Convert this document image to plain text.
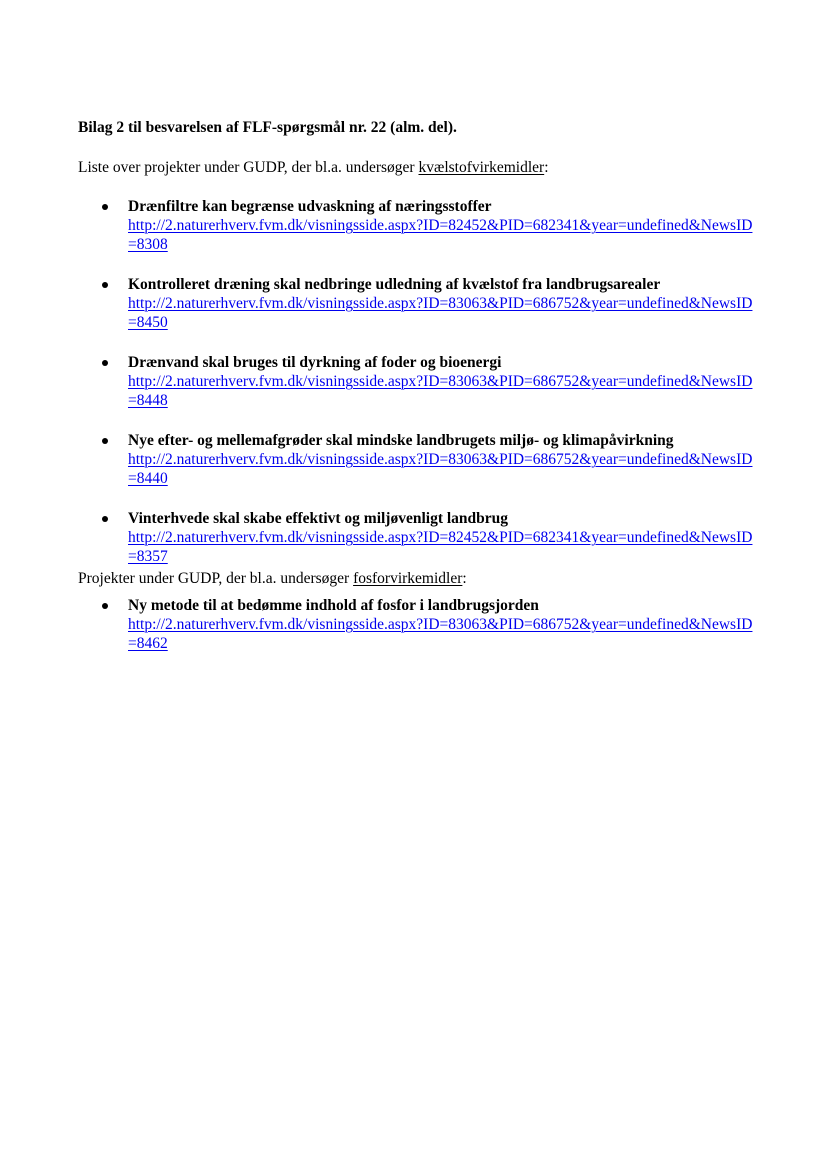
Bilag 2 til besvarelsen af FLF-spørgsmål nr. 22 (alm. del).

Liste over projekter under GUDP, der bl.a. undersøger kvælstofvirkemidler:

Drænfiltre kan begrænse udvaskning af næringsstoffer
http://2.naturerhverv.fvm.dk/visningsside.aspx?ID=82452&PID=682341&year=undefined&NewsID=8308
Kontrolleret dræning skal nedbringe udledning af kvælstof fra landbrugsarealer
http://2.naturerhverv.fvm.dk/visningsside.aspx?ID=83063&PID=686752&year=undefined&NewsID=8450
Drænvand skal bruges til dyrkning af foder og bioenergi
http://2.naturerhverv.fvm.dk/visningsside.aspx?ID=83063&PID=686752&year=undefined&NewsID=8448
Nye efter- og mellemafgrøder skal mindske landbrugets miljø- og klimapåvirkning
http://2.naturerhverv.fvm.dk/visningsside.aspx?ID=83063&PID=686752&year=undefined&NewsID=8440
Vinterhvede skal skabe effektivt og miljøvenligt landbrug
http://2.naturerhverv.fvm.dk/visningsside.aspx?ID=82452&PID=682341&year=undefined&NewsID=8357

Projekter under GUDP, der bl.a. undersøger fosforvirkemidler:

Ny metode til at bedømme indhold af fosfor i landbrugsjorden
http://2.naturerhverv.fvm.dk/visningsside.aspx?ID=83063&PID=686752&year=undefined&NewsID=8462
